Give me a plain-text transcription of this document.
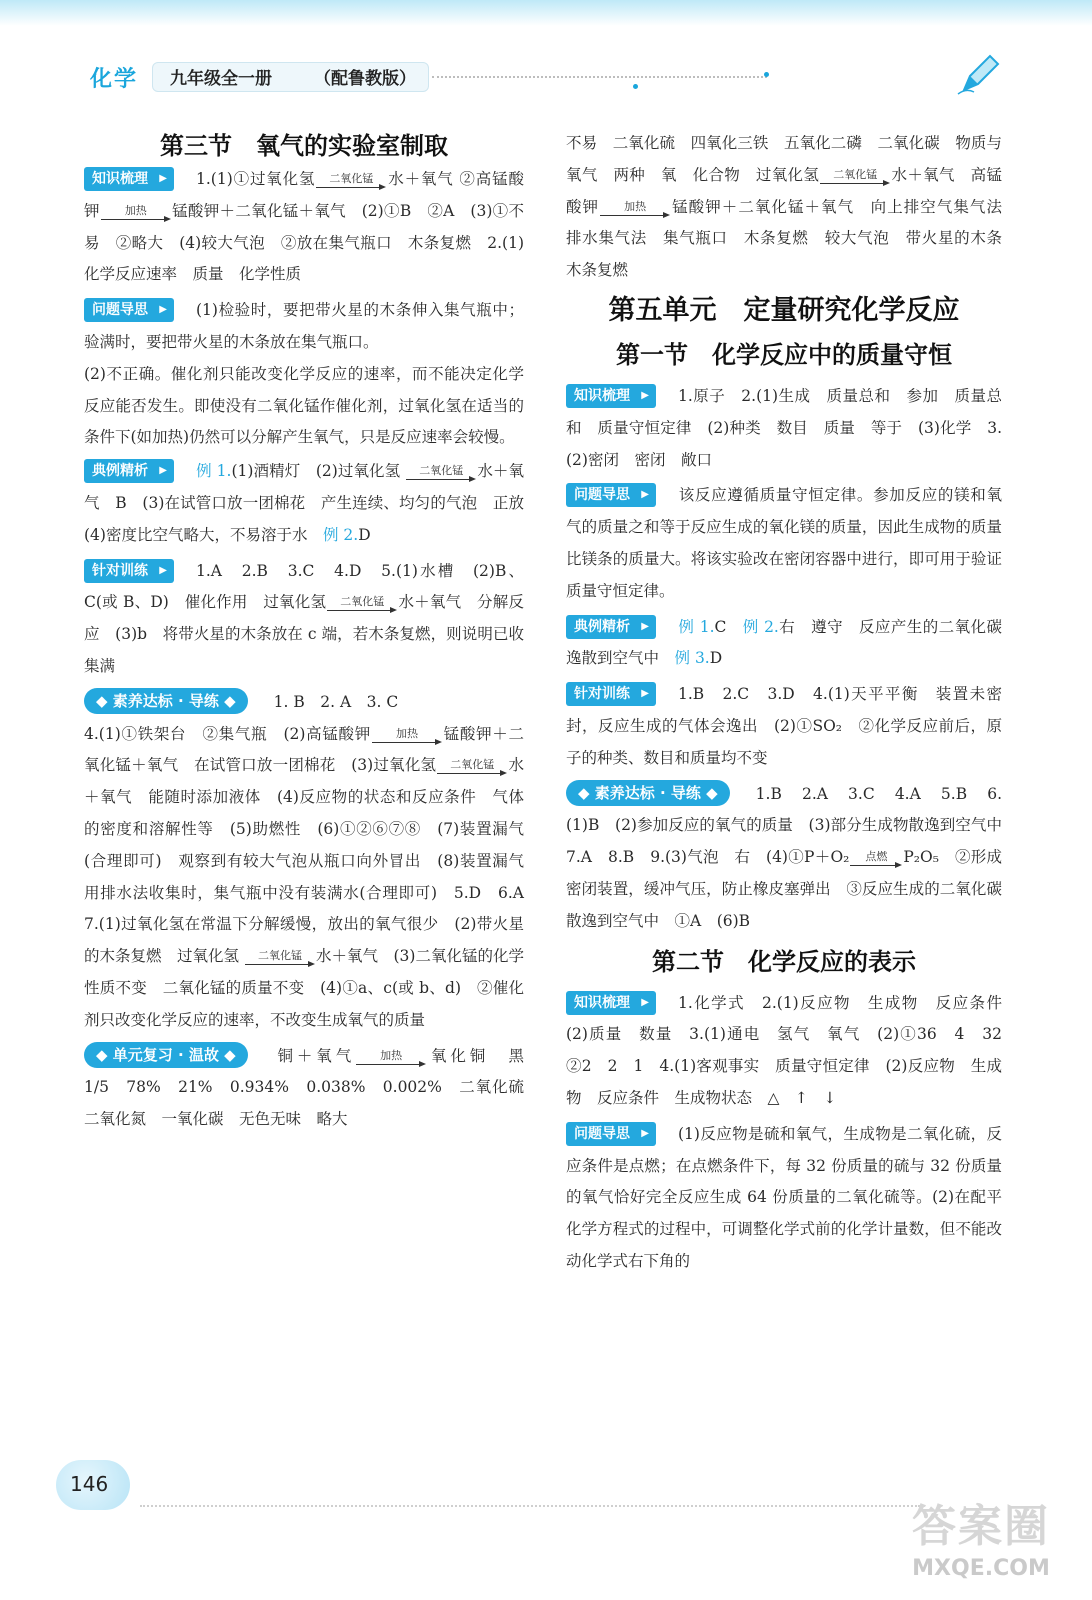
化学 九年级全一册 （配鲁教版）
第三节　氧气的实验室制取

知识梳理 ▶	1.(1)①过氧化氢 二氧化锰 水＋氧气 ②高锰酸钾 加热 锰酸钾＋二氧化锰＋氧气　(2)①B　②A　(3)①不易　②略大　(4)较大气泡　②放在集气瓶口　木条复燃　2.(1)化学反应速率　质量　化学性质

问题导思 ▶	(1)检验时，要把带火星的木条伸入集气瓶中；验满时，要把带火星的木条放在集气瓶口。

(2)不正确。催化剂只能改变化学反应的速率，而不能决定化学反应能否发生。即使没有二氧化锰作催化剂，过氧化氢在适当的条件下(如加热)仍然可以分解产生氧气，只是反应速率会较慢。

典例精析 ▶	例 1.(1)酒精灯　(2)过氧化氢 二氧化锰 水＋氧气　B　(3)在试管口放一团棉花　产生连续、均匀的气泡　正放　(4)密度比空气略大，不易溶于水　例 2.D

针对训练 ▶	1.A　2.B　3.C　4.D　5.(1)水槽　(2)B、C(或 B、D)　催化作用　过氧化氢 二氧化锰 水＋氧气　分解反应　(3)b　将带火星的木条放在 c 端，若木条复燃，则说明已收集满

◆ 素养达标 · 导练 ◆ 1. B　2. A　3. C

4.(1)①铁架台　②集气瓶　(2)高锰酸钾 加热 锰酸钾＋二氧化锰＋氧气　在试管口放一团棉花　(3)过氧化氢 二氧化锰 水＋氧气　能随时添加液体　(4)反应物的状态和反应条件　气体的密度和溶解性等　(5)助燃性　(6)①②⑥⑦⑧　(7)装置漏气(合理即可)　观察到有较大气泡从瓶口向外冒出　(8)装置漏气　用排水法收集时，集气瓶中没有装满水(合理即可)　5.D　6.A　7.(1)过氧化氢在常温下分解缓慢，放出的氧气很少　(2)带火星的木条复燃　过氧化氢 二氧化锰 水＋氧气　(3)二氧化锰的化学性质不变　二氧化锰的质量不变　(4)①a、c(或 b、d)　②催化剂只改变化学反应的速率，不改变生成氧气的质量

◆ 单元复习 · 温故 ◆ 铜＋氧气 加热 氧化铜　黑　1/5　78%　21%　0.934%　0.038%　0.002%　二氧化硫　二氧化氮　一氧化碳　无色无味　略大

不易　二氧化硫　四氧化三铁　五氧化二磷　二氧化碳　物质与氧气　两种　氧　化合物　过氧化氢 二氧化锰 水＋氧气　高锰酸钾 加热 锰酸钾＋二氧化锰＋氧气　向上排空气集气法　排水集气法　集气瓶口　木条复燃　较大气泡　带火星的木条　木条复燃

第五单元　定量研究化学反应
第一节　化学反应中的质量守恒

知识梳理 ▶	1.原子　2.(1)生成　质量总和　参加　质量总和　质量守恒定律　(2)种类　数目　质量　等于　(3)化学　3.(2)密闭　密闭　敞口

问题导思 ▶	该反应遵循质量守恒定律。参加反应的镁和氧气的质量之和等于反应生成的氧化镁的质量，因此生成物的质量比镁条的质量大。将该实验改在密闭容器中进行，即可用于验证质量守恒定律。

典例精析 ▶	例 1.C　例 2.右　遵守　反应产生的二氧化碳逸散到空气中　例 3.D

针对训练 ▶	1.B　2.C　3.D　4.(1)天平平衡　装置未密封，反应生成的气体会逸出　(2)①SO₂　②化学反应前后，原子的种类、数目和质量均不变

◆ 素养达标 · 导练 ◆ 1.B　2.A　3.C　4.A　5.B　6.(1)B　(2)参加反应的氧气的质量　(3)部分生成物散逸到空气中　7.A　8.B　9.(3)气泡　右　(4)①P＋O₂ 点燃 P₂O₅　②形成密闭装置，缓冲气压，防止橡皮塞弹出　③反应生成的二氧化碳散逸到空气中　①A　(6)B

第二节　化学反应的表示

知识梳理 ▶	1.化学式　2.(1)反应物　生成物　反应条件　(2)质量　数量　3.(1)通电　氢气　氧气　(2)①36　4　32　②2　2　1　4.(1)客观事实　质量守恒定律　(2)反应物　生成物　反应条件　生成物状态　△　↑　↓

问题导思 ▶	(1)反应物是硫和氧气，生成物是二氧化硫，反应条件是点燃；在点燃条件下，每 32 份质量的硫与 32 份质量的氧气恰好完全反应生成 64 份质量的二氧化硫等。(2)在配平化学方程式的过程中，可调整化学式前的化学计量数，但不能改动化学式右下角的

146
答案圈
MXQE.COM
